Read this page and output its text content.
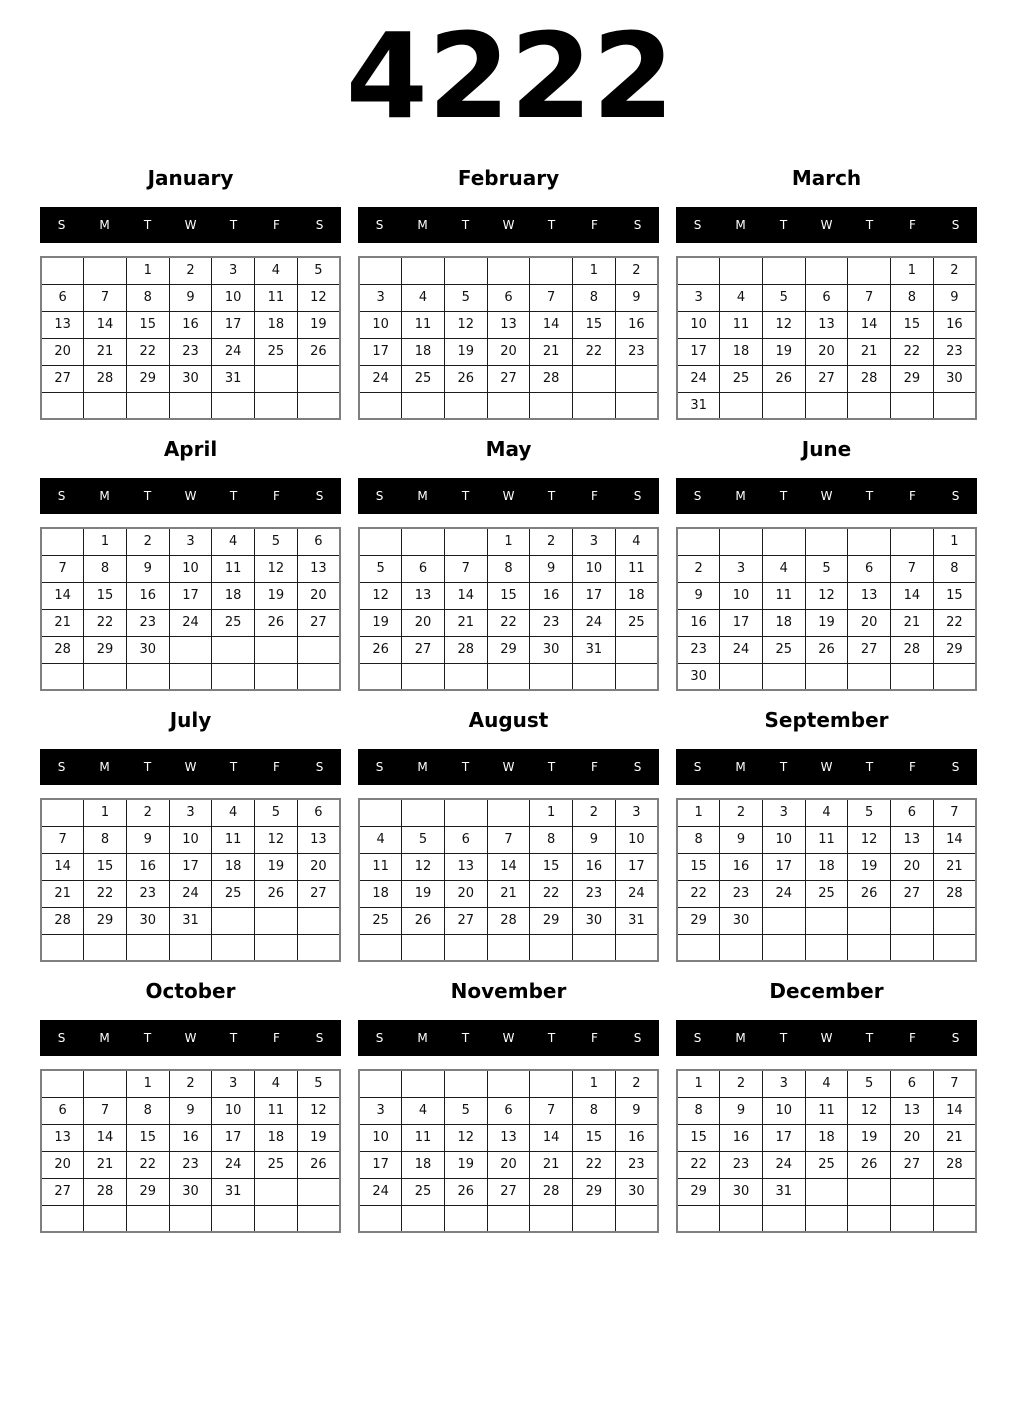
4222
January
S	M	T	W	T	F	S
		1	2	3	4	5
6	7	8	9	10	11	12
13	14	15	16	17	18	19
20	21	22	23	24	25	26
27	28	29	30	31		

February
S	M	T	W	T	F	S
					1	2
3	4	5	6	7	8	9
10	11	12	13	14	15	16
17	18	19	20	21	22	23
24	25	26	27	28		

March
S	M	T	W	T	F	S
					1	2
3	4	5	6	7	8	9
10	11	12	13	14	15	16
17	18	19	20	21	22	23
24	25	26	27	28	29	30
31						
April
S	M	T	W	T	F	S
	1	2	3	4	5	6
7	8	9	10	11	12	13
14	15	16	17	18	19	20
21	22	23	24	25	26	27
28	29	30				

May
S	M	T	W	T	F	S
			1	2	3	4
5	6	7	8	9	10	11
12	13	14	15	16	17	18
19	20	21	22	23	24	25
26	27	28	29	30	31	

June
S	M	T	W	T	F	S
						1
2	3	4	5	6	7	8
9	10	11	12	13	14	15
16	17	18	19	20	21	22
23	24	25	26	27	28	29
30						
July
S	M	T	W	T	F	S
	1	2	3	4	5	6
7	8	9	10	11	12	13
14	15	16	17	18	19	20
21	22	23	24	25	26	27
28	29	30	31			

August
S	M	T	W	T	F	S
				1	2	3
4	5	6	7	8	9	10
11	12	13	14	15	16	17
18	19	20	21	22	23	24
25	26	27	28	29	30	31

September
S	M	T	W	T	F	S
1	2	3	4	5	6	7
8	9	10	11	12	13	14
15	16	17	18	19	20	21
22	23	24	25	26	27	28
29	30					

October
S	M	T	W	T	F	S
		1	2	3	4	5
6	7	8	9	10	11	12
13	14	15	16	17	18	19
20	21	22	23	24	25	26
27	28	29	30	31		

November
S	M	T	W	T	F	S
					1	2
3	4	5	6	7	8	9
10	11	12	13	14	15	16
17	18	19	20	21	22	23
24	25	26	27	28	29	30

December
S	M	T	W	T	F	S
1	2	3	4	5	6	7
8	9	10	11	12	13	14
15	16	17	18	19	20	21
22	23	24	25	26	27	28
29	30	31				
